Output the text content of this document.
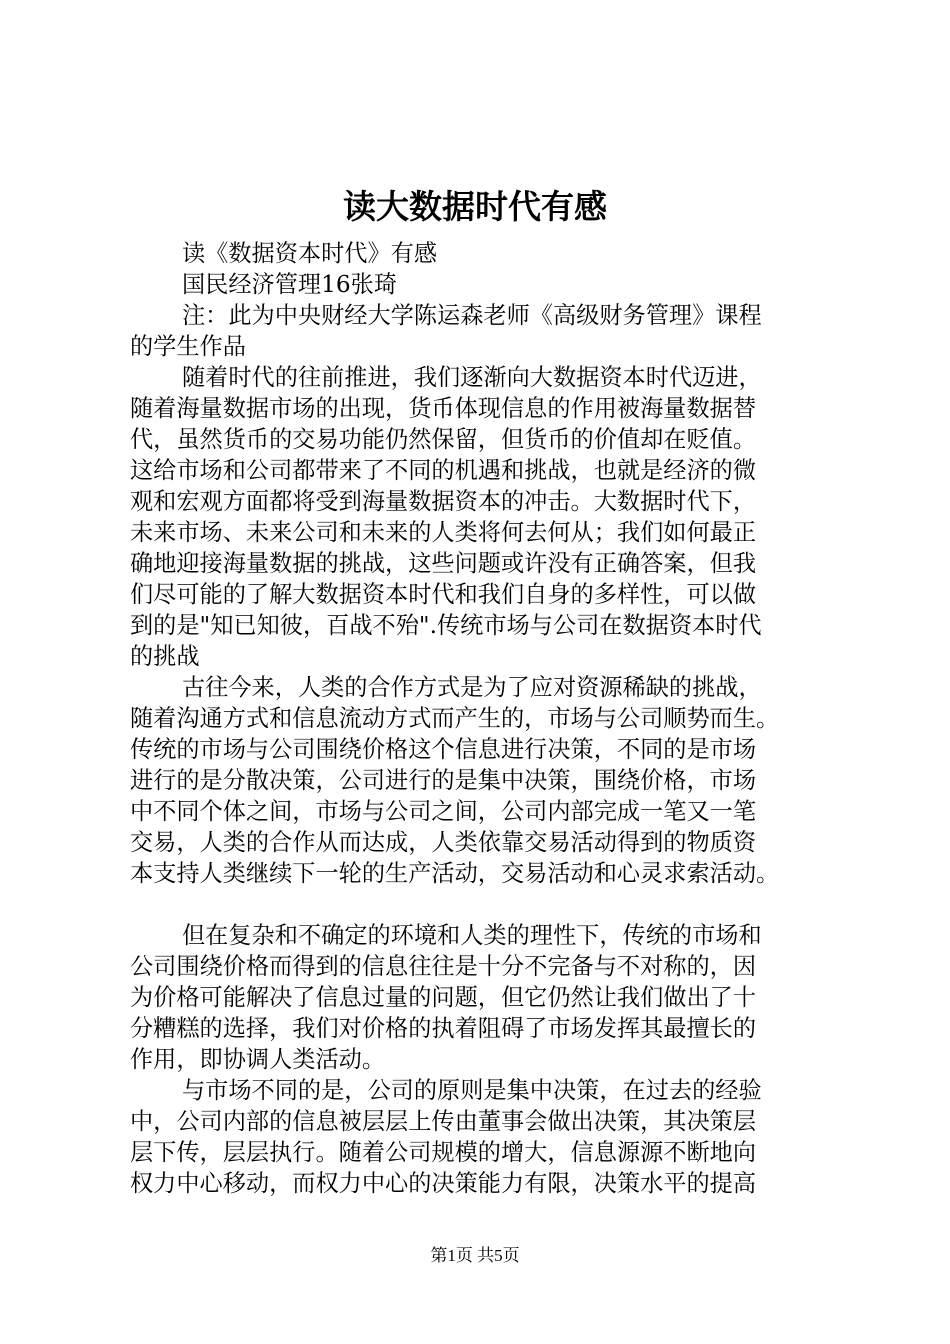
读大数据时代有感
读《数据资本时代》有感
国民经济管理16张琦
注：此为中央财经大学陈运森老师《高级财务管理》课程
的学生作品
随着时代的往前推进，我们逐渐向大数据资本时代迈进，
随着海量数据市场的出现，货币体现信息的作用被海量数据替
代，虽然货币的交易功能仍然保留，但货币的价值却在贬值。
这给市场和公司都带来了不同的机遇和挑战，也就是经济的微
观和宏观方面都将受到海量数据资本的冲击。大数据时代下，
未来市场、未来公司和未来的人类将何去何从；我们如何最正
确地迎接海量数据的挑战，这些问题或许没有正确答案，但我
们尽可能的了解大数据资本时代和我们自身的多样性，可以做
到的是"知已知彼，百战不殆".传统市场与公司在数据资本时代
的挑战
古往今来，人类的合作方式是为了应对资源稀缺的挑战，
随着沟通方式和信息流动方式而产生的，市场与公司顺势而生。
传统的市场与公司围绕价格这个信息进行决策，不同的是市场
进行的是分散决策，公司进行的是集中决策，围绕价格，市场
中不同个体之间，市场与公司之间，公司内部完成一笔又一笔
交易，人类的合作从而达成，人类依靠交易活动得到的物质资
本支持人类继续下一轮的生产活动，交易活动和心灵求索活动。
但在复杂和不确定的环境和人类的理性下，传统的市场和
公司围绕价格而得到的信息往往是十分不完备与不对称的，因
为价格可能解决了信息过量的问题，但它仍然让我们做出了十
分糟糕的选择，我们对价格的执着阻碍了市场发挥其最擅长的
作用，即协调人类活动。
与市场不同的是，公司的原则是集中决策，在过去的经验
中，公司内部的信息被层层上传由董事会做出决策，其决策层
层下传，层层执行。随着公司规模的增大，信息源源不断地向
权力中心移动，而权力中心的决策能力有限，决策水平的提高
第1页 共5页
